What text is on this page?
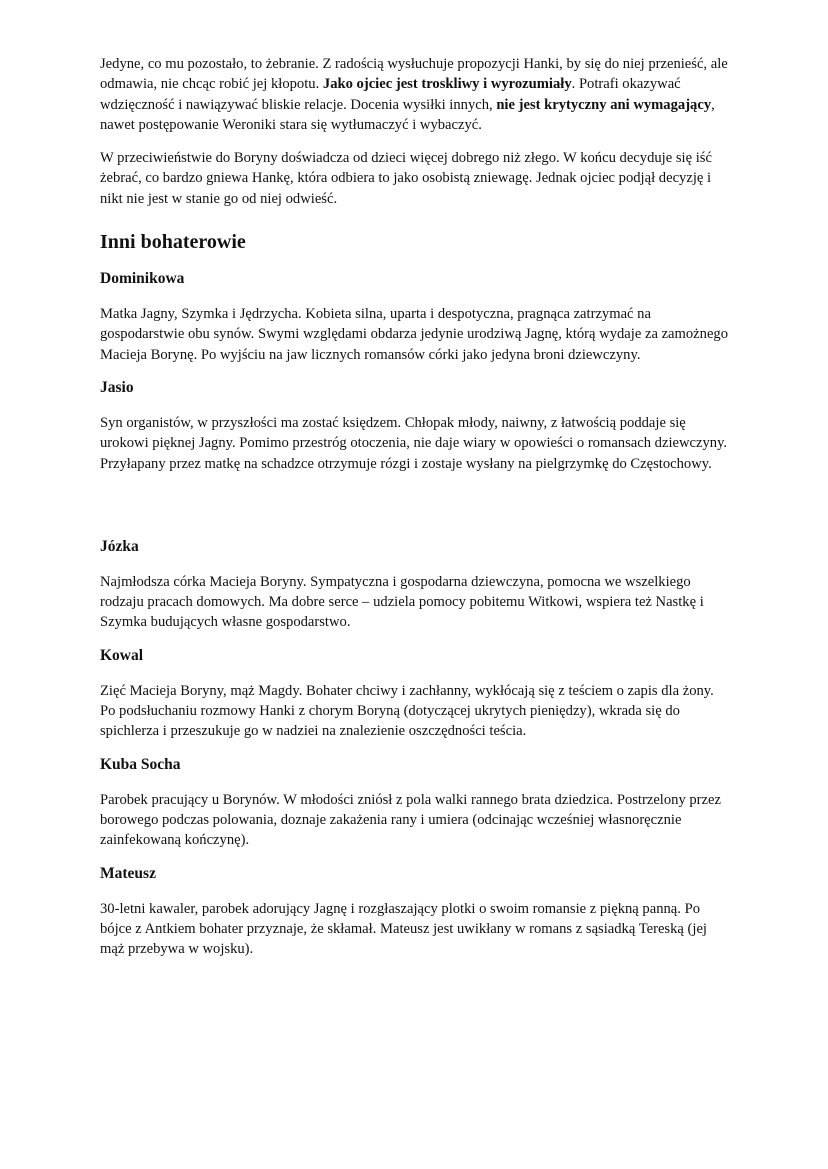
Jedyne, co mu pozostało, to żebranie. Z radością wysłuchuje propozycji Hanki, by się do niej przenieść, ale odmawia, nie chcąc robić jej kłopotu. Jako ojciec jest troskliwy i wyrozumiały. Potrafi okazywać wdzięczność i nawiązywać bliskie relacje. Docenia wysiłki innych, nie jest krytyczny ani wymagający, nawet postępowanie Weroniki stara się wytłumaczyć i wybaczyć.

W przeciwieństwie do Boryny doświadcza od dzieci więcej dobrego niż złego. W końcu decyduje się iść żebrać, co bardzo gniewa Hankę, która odbiera to jako osobistą zniewagę. Jednak ojciec podjął decyzję i nikt nie jest w stanie go od niej odwieść.

Inni bohaterowie
Dominikowa

Matka Jagny, Szymka i Jędrzycha. Kobieta silna, uparta i despotyczna, pragnąca zatrzymać na gospodarstwie obu synów. Swymi względami obdarza jedynie urodziwą Jagnę, którą wydaje za zamożnego Macieja Borynę. Po wyjściu na jaw licznych romansów córki jako jedyna broni dziewczyny.

Jasio

Syn organistów, w przyszłości ma zostać księdzem. Chłopak młody, naiwny, z łatwością poddaje się urokowi pięknej Jagny. Pomimo przestróg otoczenia, nie daje wiary w opowieści o romansach dziewczyny. Przyłapany przez matkę na schadzce otrzymuje rózgi i zostaje wysłany na pielgrzymkę do Częstochowy.

Józka

Najmłodsza córka Macieja Boryny. Sympatyczna i gospodarna dziewczyna, pomocna we wszelkiego rodzaju pracach domowych. Ma dobre serce – udziela pomocy pobitemu Witkowi, wspiera też Nastkę i Szymka budujących własne gospodarstwo.

Kowal

Zięć Macieja Boryny, mąż Magdy. Bohater chciwy i zachłanny, wykłócają się z teściem o zapis dla żony. Po podsłuchaniu rozmowy Hanki z chorym Boryną (dotyczącej ukrytych pieniędzy), wkrada się do spichlerza i przeszukuje go w nadziei na znalezienie oszczędności teścia.

Kuba Socha

Parobek pracujący u Borynów. W młodości zniósł z pola walki rannego brata dziedzica. Postrzelony przez borowego podczas polowania, doznaje zakażenia rany i umiera (odcinając wcześniej własnoręcznie zainfekowaną kończynę).

Mateusz

30-letni kawaler, parobek adorujący Jagnę i rozgłaszający plotki o swoim romansie z piękną panną. Po bójce z Antkiem bohater przyznaje, że skłamał. Mateusz jest uwikłany w romans z sąsiadką Tereską (jej mąż przebywa w wojsku).
